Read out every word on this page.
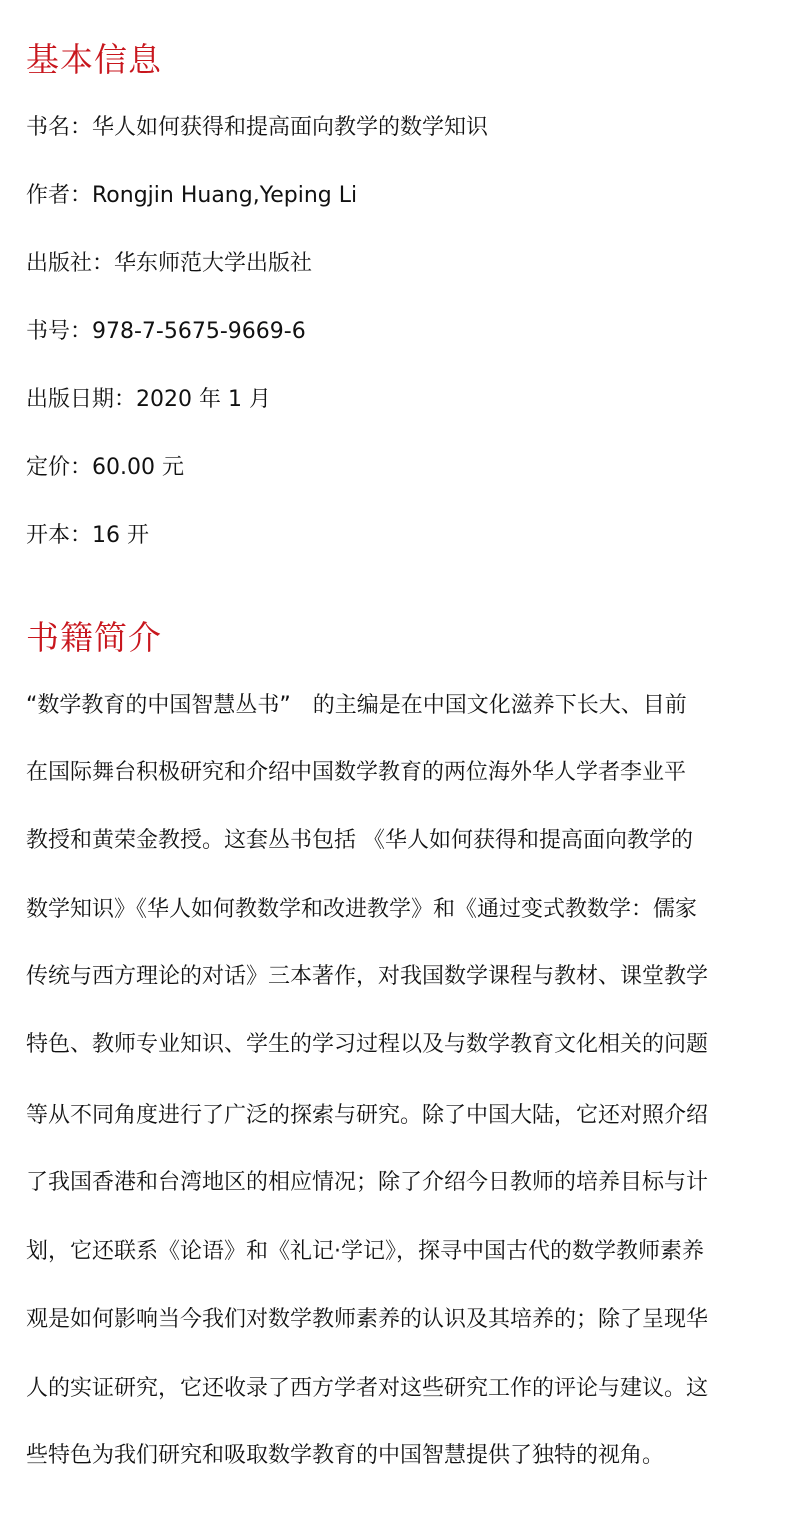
基本信息
书名：华人如何获得和提高面向教学的数学知识
作者：Rongjin Huang,Yeping Li
出版社：华东师范大学出版社
书号：978-7-5675-9669-6
出版日期：2020 年 1 月
定价：60.00 元
开本：16 开
书籍简介
“数学教育的中国智慧丛书”　的主编是在中国文化滋养下长大、目前
在国际舞台积极研究和介绍中国数学教育的两位海外华人学者李业平
教授和黄荣金教授。这套丛书包括 《华人如何获得和提高面向教学的
数学知识》《华人如何教数学和改进教学》和《通过变式教数学：儒家
传统与西方理论的对话》三本著作，对我国数学课程与教材、课堂教学
特色、教师专业知识、学生的学习过程以及与数学教育文化相关的问题
等从不同角度进行了广泛的探索与研究。除了中国大陆，它还对照介绍
了我国香港和台湾地区的相应情况；除了介绍今日教师的培养目标与计
划，它还联系《论语》和《礼记·学记》，探寻中国古代的数学教师素养
观是如何影响当今我们对数学教师素养的认识及其培养的；除了呈现华
人的实证研究，它还收录了西方学者对这些研究工作的评论与建议。这
些特色为我们研究和吸取数学教育的中国智慧提供了独特的视角。
